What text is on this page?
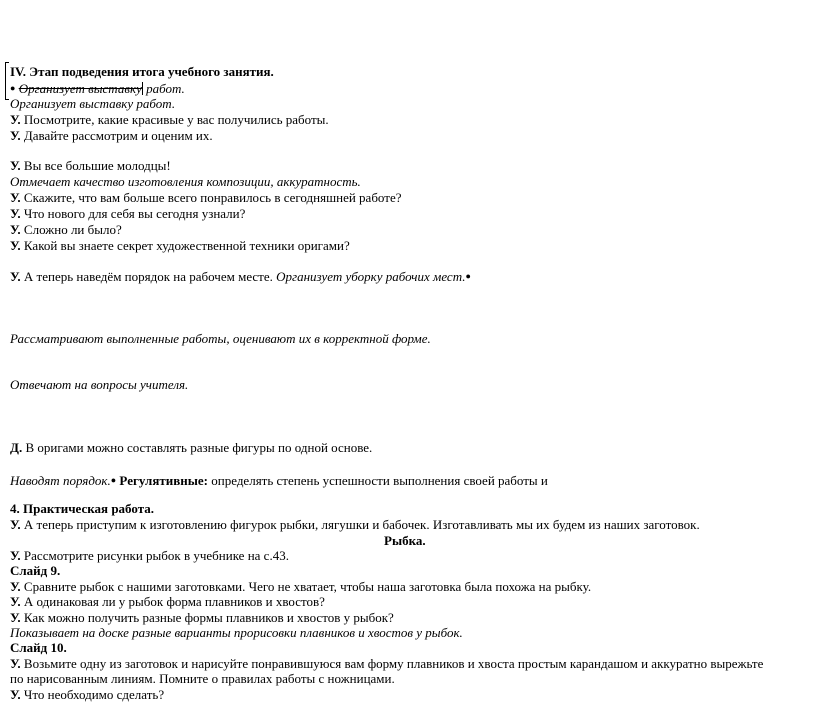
IV. Этап подведения итога учебного занятия.
● Организует выставку работ.
Организует выставку работ.
У. Посмотрите, какие красивые у вас получились работы.
У. Давайте рассмотрим и оценим их.
У. Вы все большие молодцы!
Отмечает качество изготовления композиции, аккуратность.
У. Скажите, что вам больше всего понравилось в сегодняшней работе?
У. Что нового для себя вы сегодня узнали?
У. Сложно ли было?
У. Какой вы знаете секрет художественной техники оригами?
У. А теперь наведём порядок на рабочем месте. Организует уборку рабочих мест.●
Рассматривают выполненные работы, оценивают их в корректной форме.
Отвечают на вопросы учителя.
Д. В оригами можно составлять разные фигуры по одной основе.
Наводят порядок.● Регулятивные: определять степень успешности выполнения своей работы и
4. Практическая работа.
У. А теперь приступим к изготовлению фигурок рыбки, лягушки и бабочек. Изготавливать мы их будем из наших заготовок.
Рыбка.
У. Рассмотрите рисунки рыбок в учебнике на с.43.
Слайд 9.
У. Сравните рыбок с нашими заготовками. Чего не хватает, чтобы наша заготовка была похожа на рыбку.
У. А одинаковая ли у рыбок форма плавников и хвостов?
У. Как можно получить разные формы плавников и хвостов у рыбок?
Показывает на доске разные варианты прорисовки плавников и хвостов у рыбок.
Слайд 10.
У. Возьмите одну из заготовок и нарисуйте понравившуюся вам форму плавников и хвоста простым карандашом и аккуратно вырежьте
по нарисованным линиям. Помните о правилах работы с ножницами.
У. Что необходимо сделать?
